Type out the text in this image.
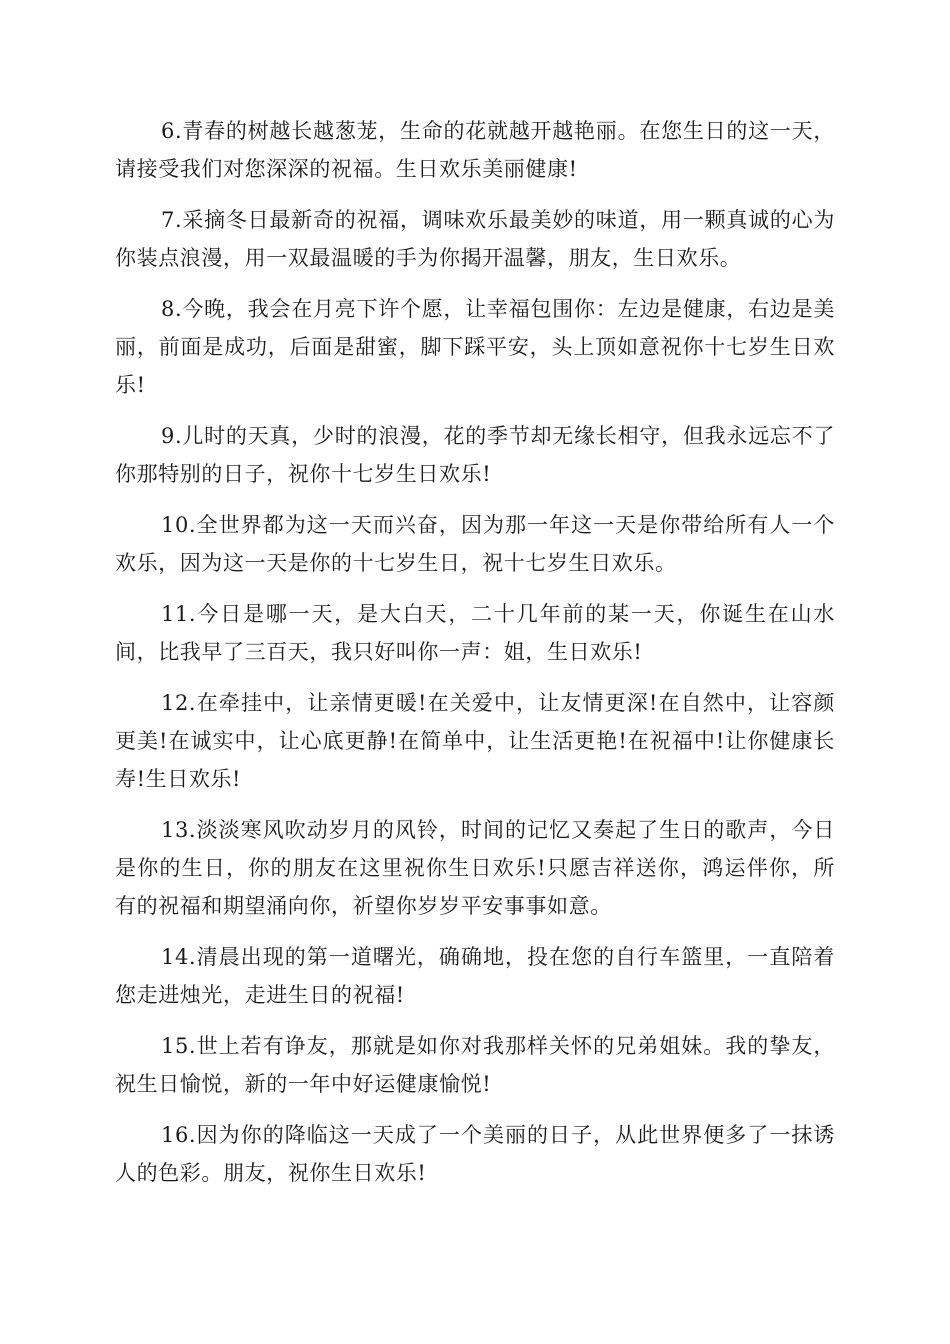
6.青春的树越长越葱茏，生命的花就越开越艳丽。在您生日的这一天，请接受我们对您深深的祝福。生日欢乐美丽健康!

7.采摘冬日最新奇的祝福，调味欢乐最美妙的味道，用一颗真诚的心为你装点浪漫，用一双最温暖的手为你揭开温馨，朋友，生日欢乐。

8.今晚，我会在月亮下许个愿，让幸福包围你：左边是健康，右边是美丽，前面是成功，后面是甜蜜，脚下踩平安，头上顶如意祝你十七岁生日欢乐!

9.儿时的天真，少时的浪漫，花的季节却无缘长相守，但我永远忘不了你那特别的日子，祝你十七岁生日欢乐!

10.全世界都为这一天而兴奋，因为那一年这一天是你带给所有人一个欢乐，因为这一天是你的十七岁生日，祝十七岁生日欢乐。

11.今日是哪一天，是大白天，二十几年前的某一天，你诞生在山水间，比我早了三百天，我只好叫你一声：姐，生日欢乐!

12.在牵挂中，让亲情更暖!在关爱中，让友情更深!在自然中，让容颜更美!在诚实中，让心底更静!在简单中，让生活更艳!在祝福中!让你健康长寿!生日欢乐!

13.淡淡寒风吹动岁月的风铃，时间的记忆又奏起了生日的歌声，今日是你的生日，你的朋友在这里祝你生日欢乐!只愿吉祥送你，鸿运伴你，所有的祝福和期望涌向你，祈望你岁岁平安事事如意。

14.清晨出现的第一道曙光，确确地，投在您的自行车篮里，一直陪着您走进烛光，走进生日的祝福!

15.世上若有诤友，那就是如你对我那样关怀的兄弟姐妹。我的挚友，祝生日愉悦，新的一年中好运健康愉悦!

16.因为你的降临这一天成了一个美丽的日子，从此世界便多了一抹诱人的色彩。朋友，祝你生日欢乐!
